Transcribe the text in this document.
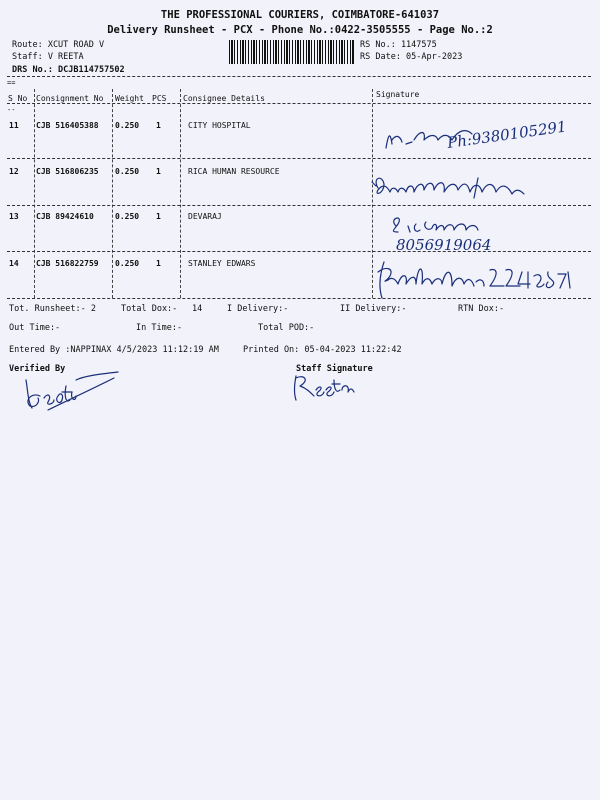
THE PROFESSIONAL COURIERS, COIMBATORE-641037
Delivery Runsheet - PCX - Phone No.:0422-3505555 - Page No.:2
Route: XCUT ROAD V
Staff: V REETA
DRS No.: DCJB114757502
RS No.: 1147575
RS Date: 05-Apr-2023
==
S No Consignment No Weight PCS Consignee Details	Signature
--
11 CJB 516405388 0.250 1	CITY HOSPITAL
12 CJB 516806235 0.250 1	RICA HUMAN RESOURCE
13 CJB 89424610	0.250 1	DEVARAJ
14 CJB 516822759 0.250 1	STANLEY EDWARS
Ph:9380105291
8056919064
Tot. Runsheet:- 2	Total Dox:- 14	I Delivery:-	II Delivery:-	RTN Dox:-
Out Time:-	In Time:-	Total POD:-
Entered By :NAPPINAX 4/5/2023 11:12:19 AM	Printed On: 05-04-2023 11:22:42
Verified By	Staff Signature
